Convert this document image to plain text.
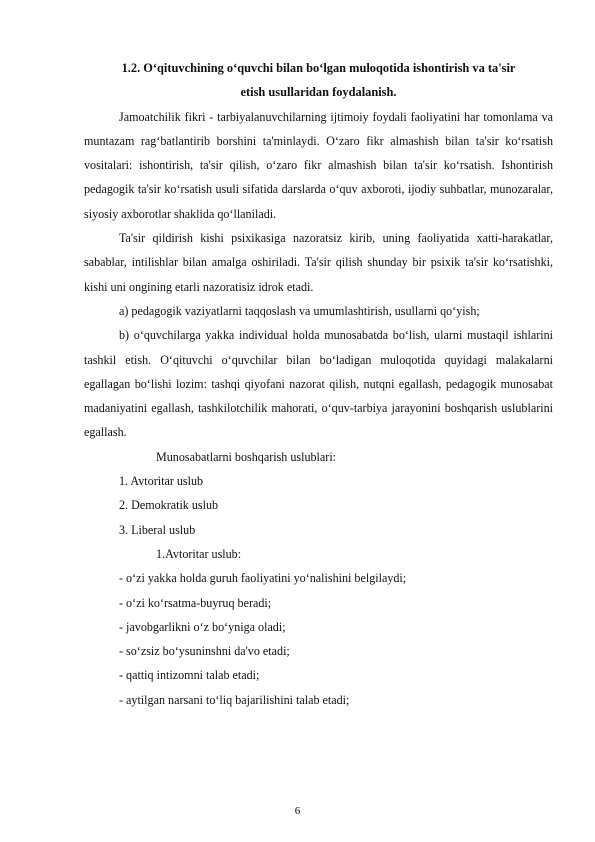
1.2. O‘qituvchining o‘quvchi bilan bo‘lgan muloqotida ishontirish va ta'sir
etish usullaridan foydalanish.

Jamoatchilik fikri - tarbiyalanuvchilarning ijtimoiy foydali faoliyatini har tomonlama va muntazam rag‘batlantirib borshini ta'minlaydi. O‘zaro fikr almashish bilan ta'sir ko‘rsatish vositalari: ishontirish, ta'sir qilish, o‘zaro fikr almashish bilan ta'sir ko‘rsatish. Ishontirish pedagogik ta'sir ko‘rsatish usuli sifatida darslarda o‘quv axboroti, ijodiy suhbatlar, munozaralar, siyosiy axborotlar shaklida qo‘llaniladi.

Ta'sir qildirish kishi psixikasiga nazoratsiz kirib, uning faoliyatida xatti-harakatlar, sabablar, intilishlar bilan amalga oshiriladi. Ta'sir qilish shunday bir psixik ta'sir ko‘rsatishki, kishi uni ongining etarli nazoratisiz idrok etadi.

a) pedagogik vaziyatlarni taqqoslash va umumlashtirish, usullarni qo‘yish;

b) o‘quvchilarga yakka individual holda munosabatda bo‘lish, ularni mustaqil ishlarini tashkil etish. O‘qituvchi o‘quvchilar bilan bo‘ladigan muloqotida quyidagi malakalarni egallagan bo‘lishi lozim: tashqi qiyofani nazorat qilish, nutqni egallash, pedagogik munosabat madaniyatini egallash, tashkilotchilik mahorati, o‘quv-tarbiya jarayonini boshqarish uslublarini egallash.

Munosabatlarni boshqarish uslublari:

1. Avtoritar uslub

2. Demokratik uslub

3. Liberal uslub

1.Avtoritar uslub:

- o‘zi yakka holda guruh faoliyatini yo‘nalishini belgilaydi;

- o‘zi ko‘rsatma-buyruq beradi;

- javobgarlikni o‘z bo‘yniga oladi;

- so‘zsiz bo‘ysuninshni da'vo etadi;

- qattiq intizomni talab etadi;

- aytilgan narsani to‘liq bajarilishini talab etadi;

6
